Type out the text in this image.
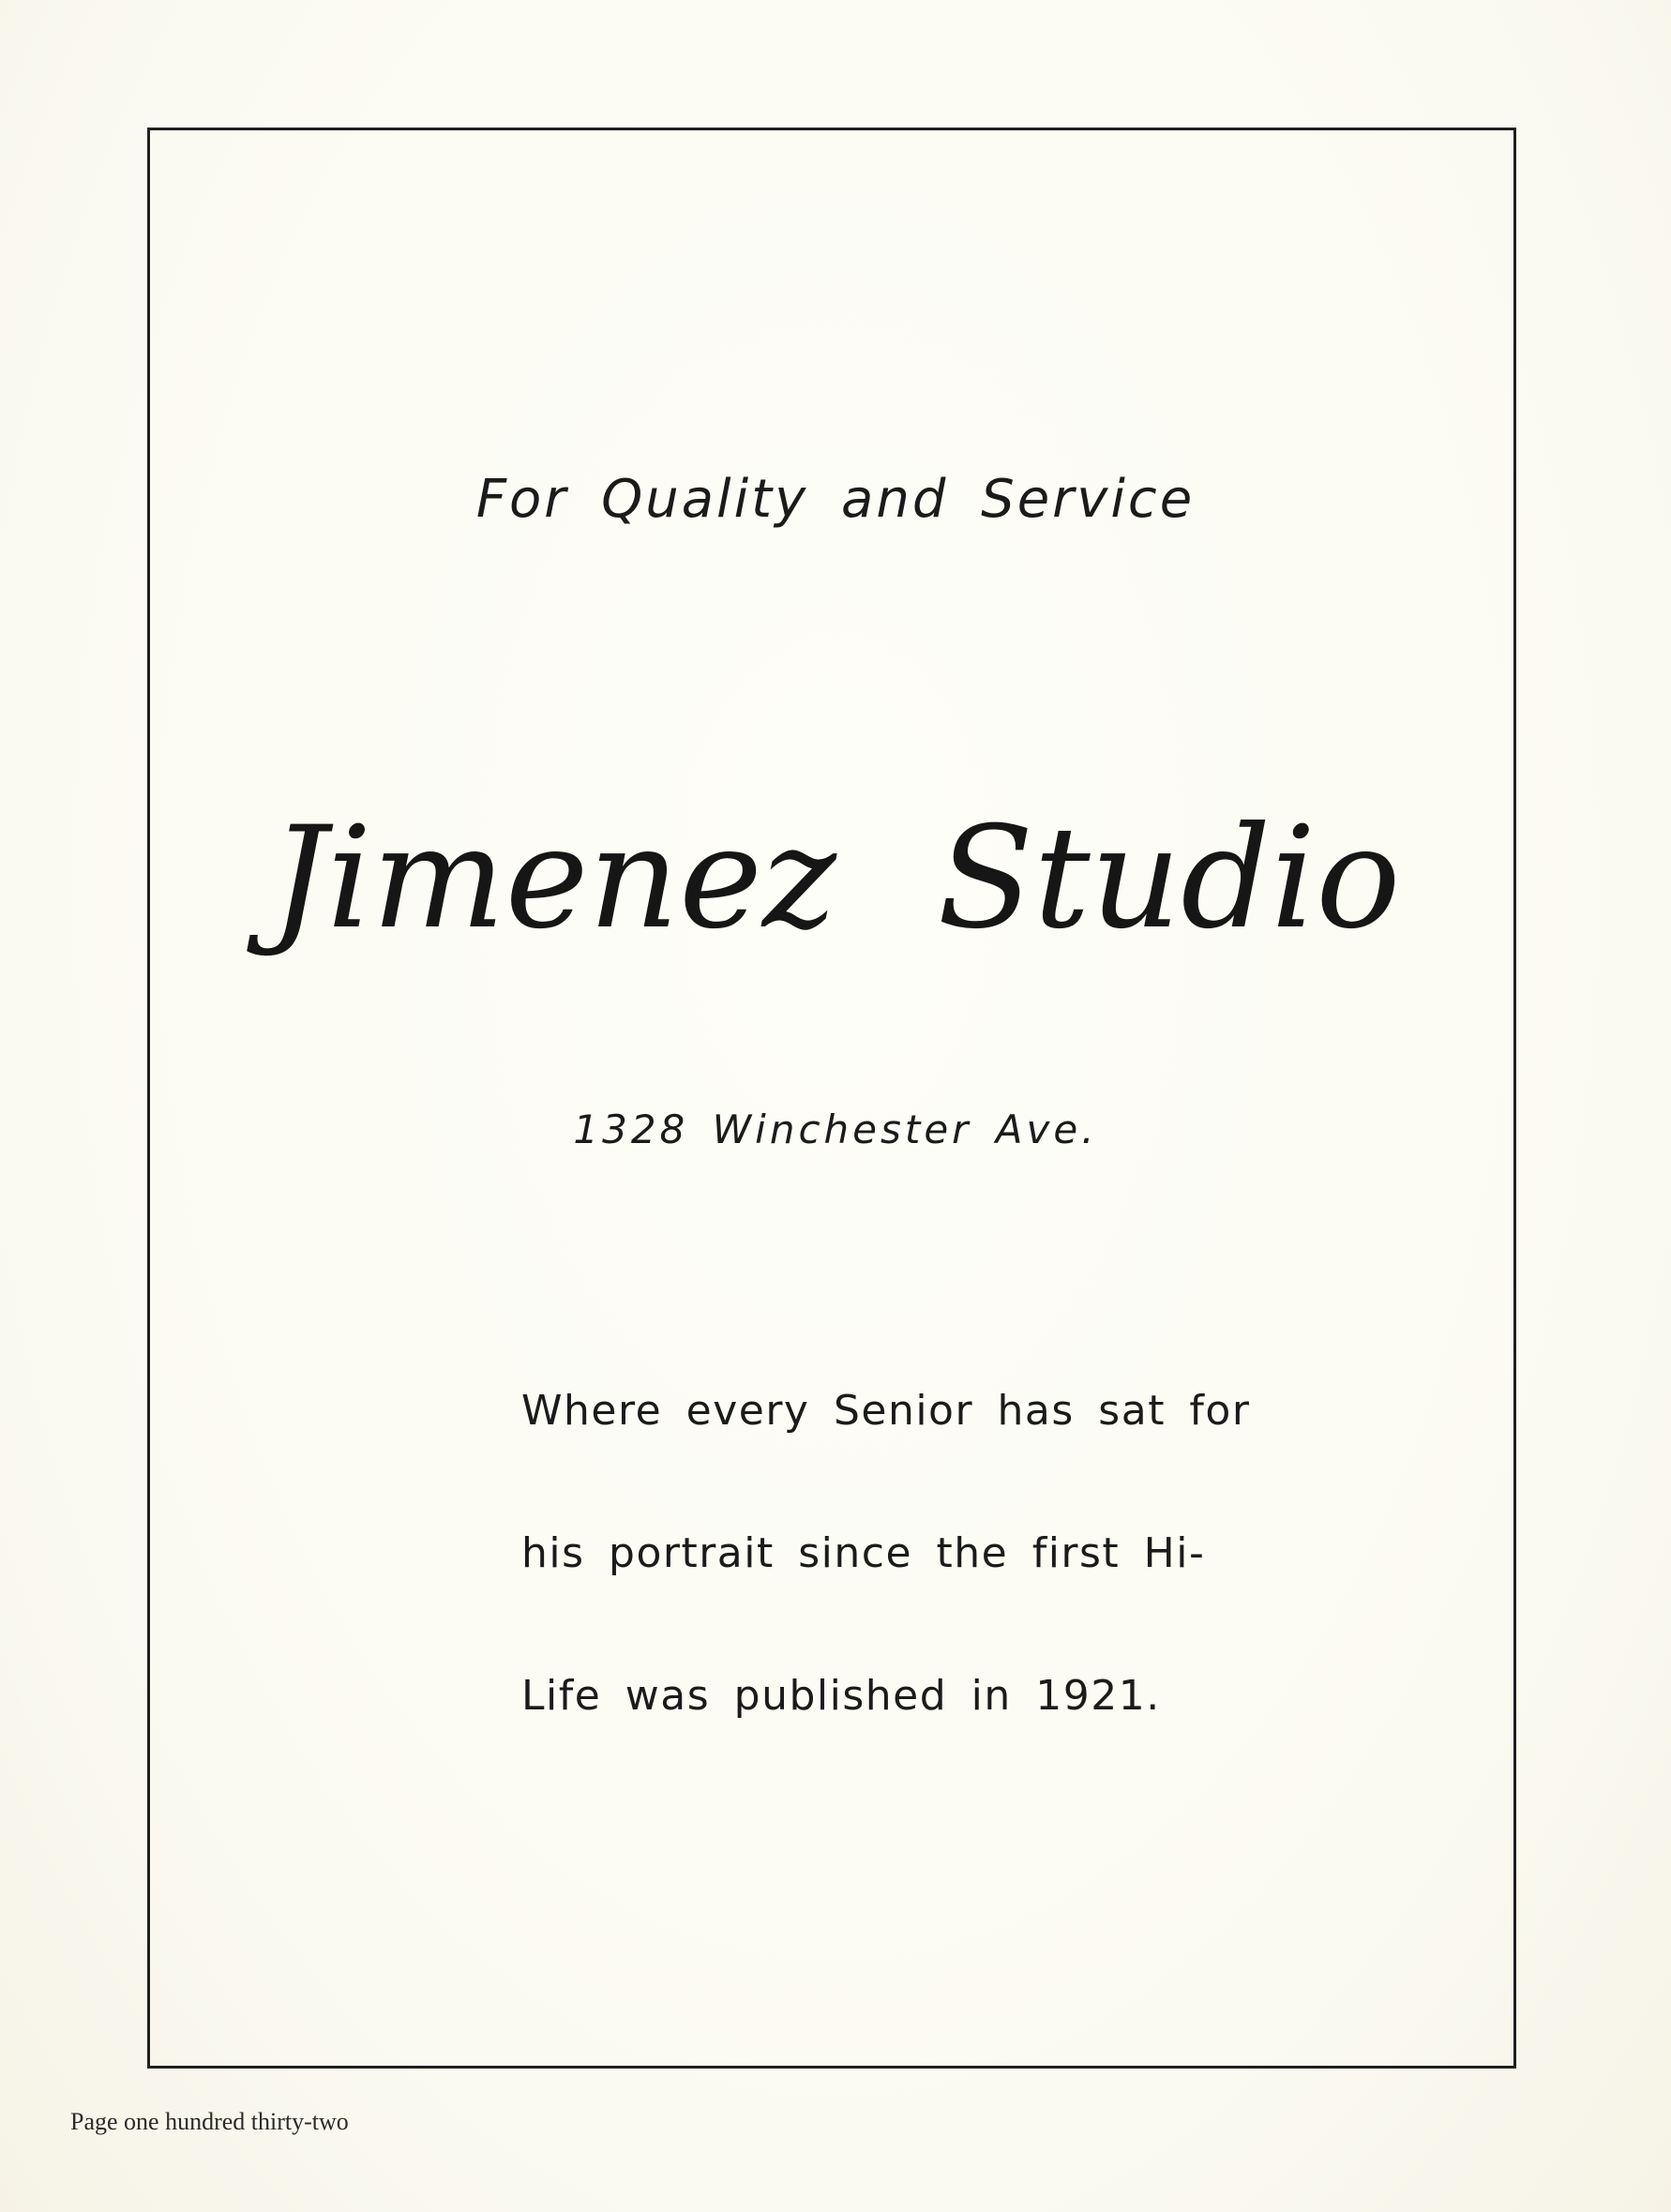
For Quality and Service
Jimenez Studio
1328 Winchester Ave.
Where every Senior has sat for
his portrait since the first Hi-
Life was published in 1921.
Page one hundred thirty-two
